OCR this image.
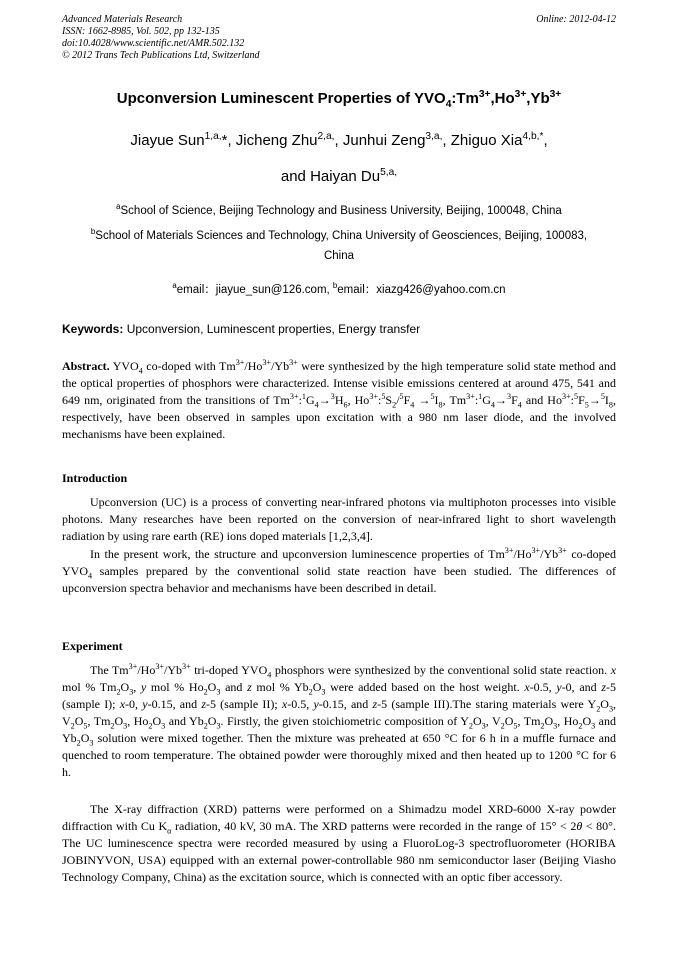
Advanced Materials Research
ISSN: 1662-8985, Vol. 502, pp 132-135
doi:10.4028/www.scientific.net/AMR.502.132
© 2012 Trans Tech Publications Ltd, Switzerland
Online: 2012-04-12
Upconversion Luminescent Properties of $YVO_4:Tm^{3+},Ho^{3+},Yb^{3+}$
Jiayue Sun$^{1,a,}$*, Jicheng Zhu$^{2,a,}$, Junhui Zeng$^{3,a,}$, Zhiguo Xia$^{4,b,*}$,
and Haiyan $Du^{5,a,}$
$^a$School of Science, Beijing Technology and Business University, Beijing, 100048, China
$^b$School of Materials Sciences and Technology, China University of Geosciences, Beijing, 100083,
China
$^a$email：jiayue_sun@126.com, $^b$email：xiazg426@yahoo.com.cn
Keywords: Upconversion, Luminescent properties, Energy transfer

Abstract. $YVO_4$ co-doped with $Tm^{3+}/Ho^{3+}/Yb^{3+}$ were synthesized by the high temperature solid state method and the optical properties of phosphors were characterized. Intense visible emissions centered at around 475, 541 and 649 nm, originated from the transitions of $Tm^{3+}:^1G_4\to^3H_6$, $Ho^{3+}:^5S_2/^5F_4 \to^5I_8$, $Tm^{3+}:^1G_4\to^3F_4$ and $Ho^{3+}:^5F_5\to^5I_8$, respectively, have been observed in samples upon excitation with a 980 nm laser diode, and the involved mechanisms have been explained.

Introduction

Upconversion (UC) is a process of converting near-infrared photons via multiphoton processes into visible photons. Many researches have been reported on the conversion of near-infrared light to short wavelength radiation by using rare earth (RE) ions doped materials [1,2,3,4].

In the present work, the structure and upconversion luminescence properties of $Tm^{3+}/Ho^{3+}/Yb^{3+}$ co-doped $YVO_4$ samples prepared by the conventional solid state reaction have been studied. The differences of upconversion spectra behavior and mechanisms have been described in detail.

Experiment

The $Tm^{3+}/Ho^{3+}/Yb^{3+}$ tri-doped $YVO_4$ phosphors were synthesized by the conventional solid state reaction. x mol % $Tm_2O_3$, y mol % $Ho_2O_3$ and z mol % $Yb_2O_3$ were added based on the host weight. x-0.5, y-0, and z-5 (sample I); x-0, y-0.15, and z-5 (sample II); x-0.5, y-0.15, and z-5 (sample III).The staring materials were $Y_2O_3$, $V_2O_5$, $Tm_2O_3$, $Ho_2O_3$ and $Yb_2O_3$. Firstly, the given stoichiometric composition of $Y_2O_3$, $V_2O_5$, $Tm_2O_3$, $Ho_2O_3$ and $Yb_2O_3$ solution were mixed together. Then the mixture was preheated at 650 °C for 6 h in a muffle furnace and quenched to room temperature. The obtained powder were thoroughly mixed and then heated up to 1200 °C for 6 h.

The X-ray diffraction (XRD) patterns were performed on a Shimadzu model XRD-6000 X-ray powder diffraction with Cu $K_\alpha$ radiation, 40 kV, 30 mA. The XRD patterns were recorded in the range of 15° < 2θ < 80°. The UC luminescence spectra were recorded measured by using a FluoroLog-3 spectrofluorometer (HORIBA JOBINYVON, USA) equipped with an external power-controllable 980 nm semiconductor laser (Beijing Viasho Technology Company, China) as the excitation source, which is connected with an optic fiber accessory.
